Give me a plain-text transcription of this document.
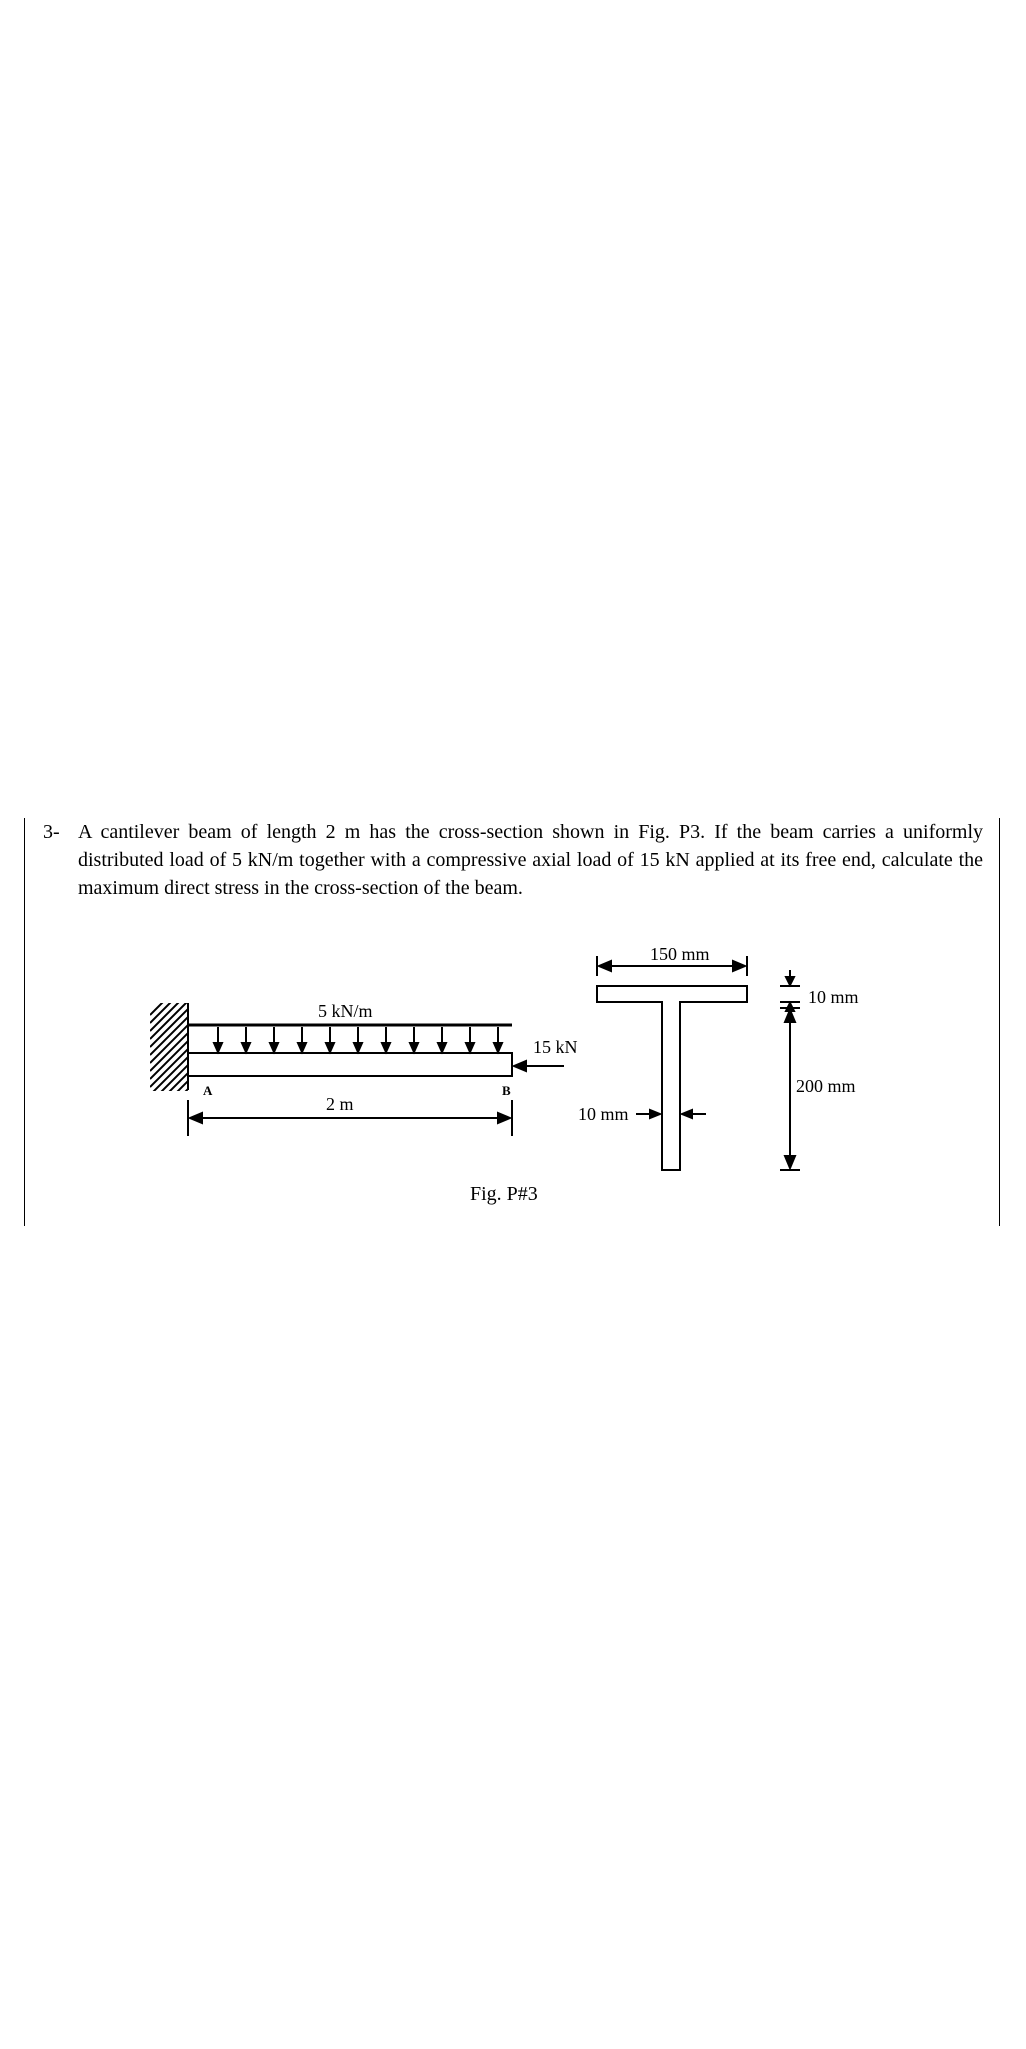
3- A cantilever beam of length 2 m has the cross-section shown in Fig. P3. If the beam carries a uniformly distributed load of 5 kN/m together with a compressive axial load of 15 kN applied at its free end, calculate the maximum direct stress in the cross-section of the beam.
5 kN/m
15 kN
A	B
2 m
150 mm
10 mm
200 mm
10 mm
Fig. P#3
